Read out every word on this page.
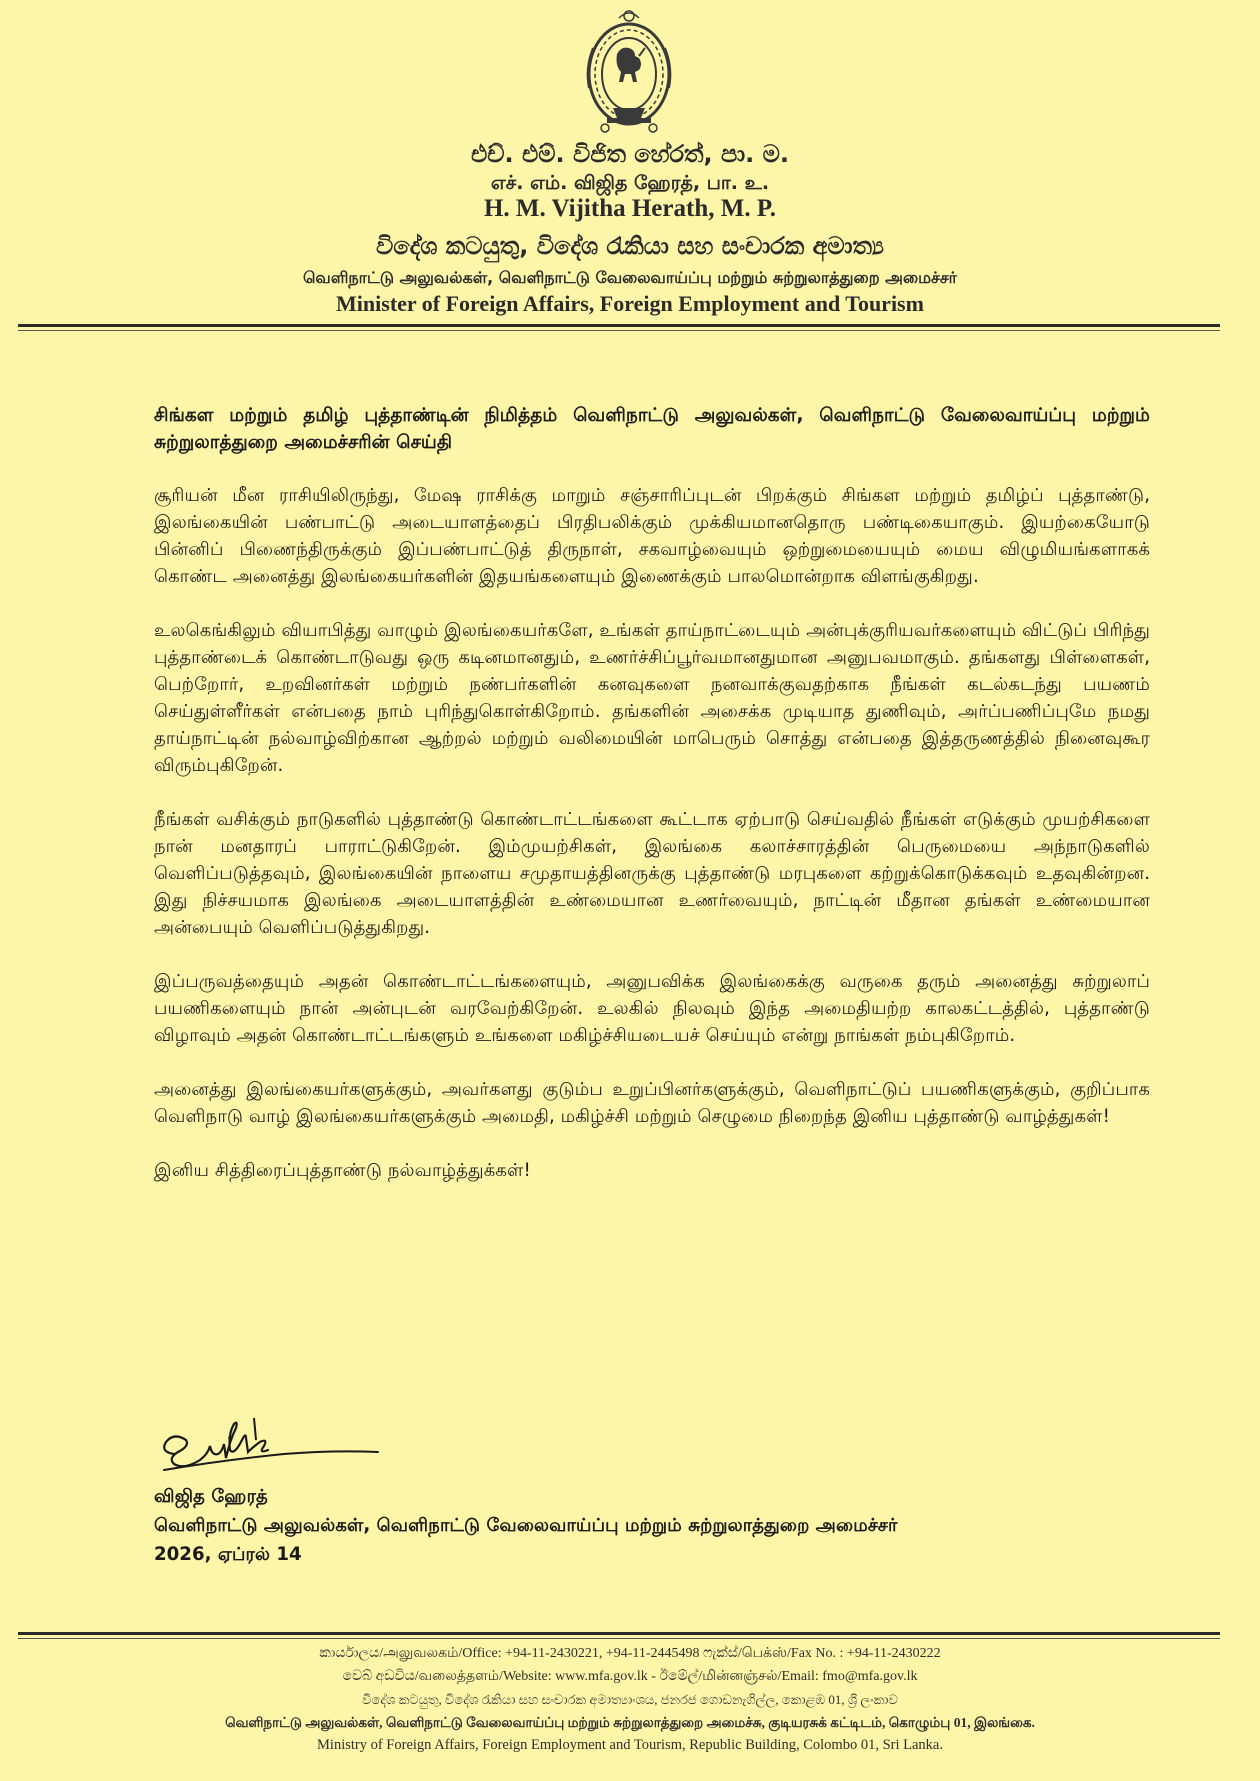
එච්. එම්. විජිත හේරත්, පා. ම.
எச். எம். விஜித ஹேரத், பா. உ.
H. M. Vijitha Herath, M. P.
විදේශ කටයුතු, විදේශ රැකියා සහ සංචාරක අමාත්‍ය
வெளிநாட்டு அலுவல்கள், வெளிநாட்டு வேலைவாய்ப்பு மற்றும் சுற்றுலாத்துறை அமைச்சர்
Minister of Foreign Affairs, Foreign Employment and Tourism

சிங்கள மற்றும் தமிழ் புத்தாண்டின் நிமித்தம் வெளிநாட்டு அலுவல்கள், வெளிநாட்டு வேலைவாய்ப்பு மற்றும் சுற்றுலாத்துறை அமைச்சரின் செய்தி

சூரியன் மீன ராசியிலிருந்து, மேஷ ராசிக்கு மாறும் சஞ்சாரிப்புடன் பிறக்கும் சிங்கள மற்றும் தமிழ்ப் புத்தாண்டு, இலங்கையின் பண்பாட்டு அடையாளத்தைப் பிரதிபலிக்கும் முக்கியமானதொரு பண்டிகையாகும். இயற்கையோடு பின்னிப் பிணைந்திருக்கும் இப்பண்பாட்டுத் திருநாள், சகவாழ்வையும் ஒற்றுமையையும் மைய விழுமியங்களாகக் கொண்ட அனைத்து இலங்கையர்களின் இதயங்களையும் இணைக்கும் பாலமொன்றாக விளங்குகிறது.

உலகெங்கிலும் வியாபித்து வாழும் இலங்கையர்களே, உங்கள் தாய்நாட்டையும் அன்புக்குரியவர்களையும் விட்டுப் பிரிந்து புத்தாண்டைக் கொண்டாடுவது ஒரு கடினமானதும், உணர்ச்சிப்பூர்வமானதுமான அனுபவமாகும். தங்களது பிள்ளைகள், பெற்றோர், உறவினர்கள் மற்றும் நண்பர்களின் கனவுகளை நனவாக்குவதற்காக நீங்கள் கடல்கடந்து பயணம் செய்துள்ளீர்கள் என்பதை நாம் புரிந்துகொள்கிறோம். தங்களின் அசைக்க முடியாத துணிவும், அர்ப்பணிப்புமே நமது தாய்நாட்டின் நல்வாழ்விற்கான ஆற்றல் மற்றும் வலிமையின் மாபெரும் சொத்து என்பதை இத்தருணத்தில் நினைவுகூர விரும்புகிறேன்.

நீங்கள் வசிக்கும் நாடுகளில் புத்தாண்டு கொண்டாட்டங்களை கூட்டாக ஏற்பாடு செய்வதில் நீங்கள் எடுக்கும் முயற்சிகளை நான் மனதாரப் பாராட்டுகிறேன். இம்முயற்சிகள், இலங்கை கலாச்சாரத்தின் பெருமையை அந்நாடுகளில் வெளிப்படுத்தவும், இலங்கையின் நாளைய சமுதாயத்தினருக்கு புத்தாண்டு மரபுகளை கற்றுக்கொடுக்கவும் உதவுகின்றன. இது நிச்சயமாக இலங்கை அடையாளத்தின் உண்மையான உணர்வையும், நாட்டின் மீதான தங்கள் உண்மையான அன்பையும் வெளிப்படுத்துகிறது.

இப்பருவத்தையும் அதன் கொண்டாட்டங்களையும், அனுபவிக்க இலங்கைக்கு வருகை தரும் அனைத்து சுற்றுலாப் பயணிகளையும் நான் அன்புடன் வரவேற்கிறேன். உலகில் நிலவும் இந்த அமைதியற்ற காலகட்டத்தில், புத்தாண்டு விழாவும் அதன் கொண்டாட்டங்களும் உங்களை மகிழ்ச்சியடையச் செய்யும் என்று நாங்கள் நம்புகிறோம்.

அனைத்து இலங்கையர்களுக்கும், அவர்களது குடும்ப உறுப்பினர்களுக்கும், வெளிநாட்டுப் பயணிகளுக்கும், குறிப்பாக வெளிநாடு வாழ் இலங்கையர்களுக்கும் அமைதி, மகிழ்ச்சி மற்றும் செழுமை நிறைந்த இனிய புத்தாண்டு வாழ்த்துகள்!

இனிய சித்திரைப்புத்தாண்டு நல்வாழ்த்துக்கள்!

விஜித ஹேரத்
வெளிநாட்டு அலுவல்கள், வெளிநாட்டு வேலைவாய்ப்பு மற்றும் சுற்றுலாத்துறை அமைச்சர்
2026, ஏப்ரல் 14
කාර්යාලය/அலுவலகம்/Office: +94-11-2430221, +94-11-2445498 ෆැක්ස්/பெக்ஸ்/Fax No. : +94-11-2430222
වෙබ් අඩවිය/வலைத்தளம்/Website: www.mfa.gov.lk - ඊමේල්/மின்னஞ்சல்/Email: fmo@mfa.gov.lk
විදේශ කටයුතු, විදේශ රැකියා සහ සංචාරක අමාත්‍යාංශය, ජනරජ ගොඩනැගිල්ල, කොළඹ 01, ශ්‍රී ලංකාව
வெளிநாட்டு அலுவல்கள், வெளிநாட்டு வேலைவாய்ப்பு மற்றும் சுற்றுலாத்துறை அமைச்சு, குடியரசுக் கட்டிடம், கொழும்பு 01, இலங்கை.
Ministry of Foreign Affairs, Foreign Employment and Tourism, Republic Building, Colombo 01, Sri Lanka.
